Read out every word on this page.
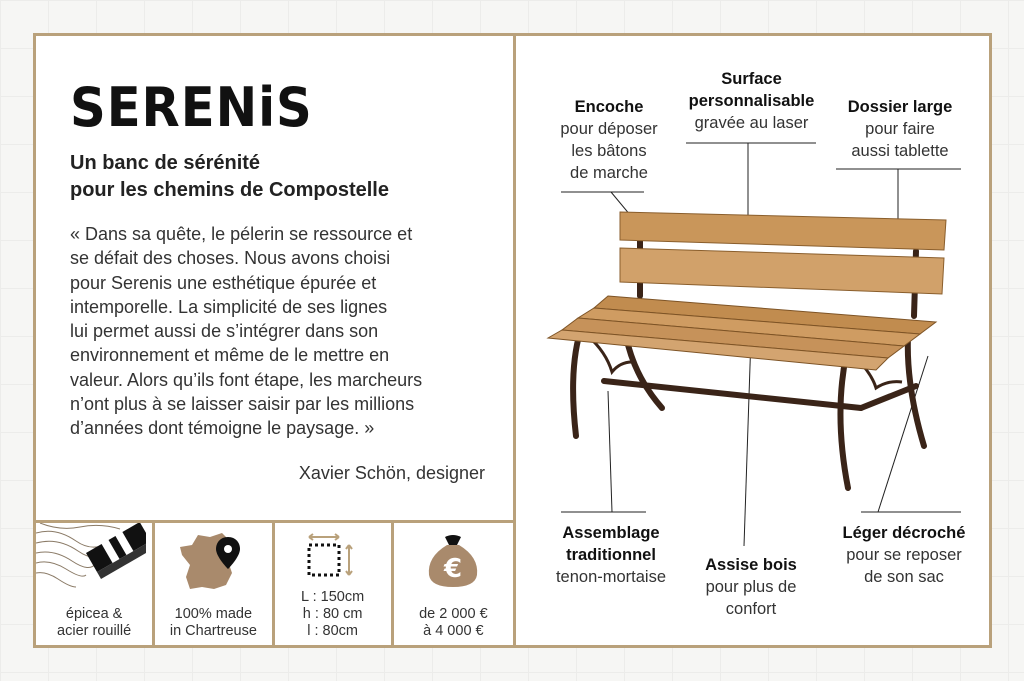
SERENiS
Un banc de sérénité
pour les chemins de Compostelle
« Dans sa quête, le pélerin se ressource et
se défait des choses. Nous avons choisi
pour Serenis une esthétique épurée et
intemporelle. La simplicité de ses lignes
lui permet aussi de s’intégrer dans son
environnement et même de le mettre en
valeur. Alors qu’ils font étape, les marcheurs
n’ont plus à se laisser saisir par les millions
d’années dont témoigne le paysage. »
Xavier Schön, designer
épicea &
acier rouillé
100% made
in Chartreuse
L : 150cm
h : 80 cm
l : 80cm
€
de 2 000 €
à 4 000 €
Encoche
pour déposer
les bâtons
de marche
Surface
personnalisable
gravée au laser
Dossier large
pour faire
aussi tablette
Assemblage
traditionnel
tenon-mortaise
Assise bois
pour plus de
confort
Léger décroché
pour se reposer
de son sac
